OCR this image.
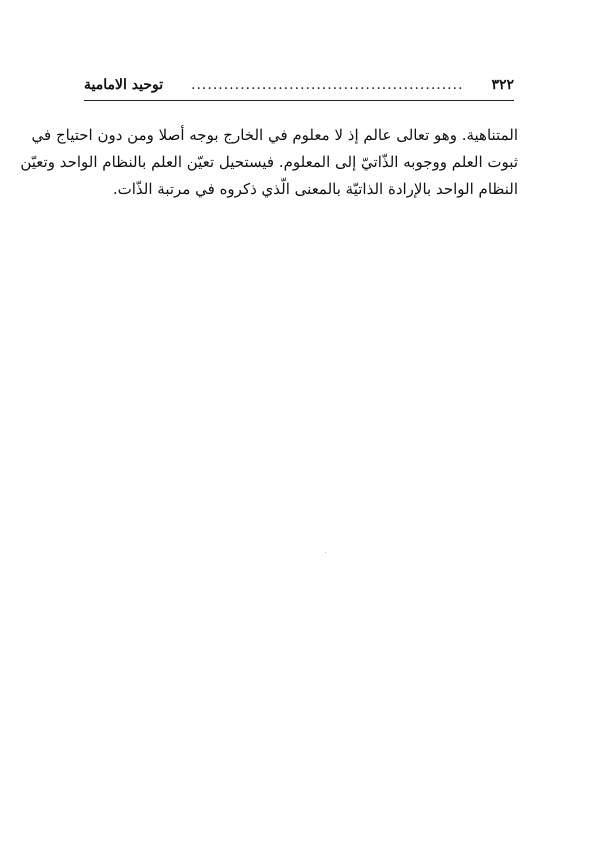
٣٢٢
..................................................
توحيد الامامية
المتناهية. وهو تعالى عالم إذ لا معلوم في الخارج بوجه أصلا ومن دون احتياج في
ثبوت العلم ووجوبه الذّاتيّ إلى المعلوم. فيستحيل تعيّن العلم بالنظام الواحد وتعيّن
النظام الواحد بالإرادة الذاتيّة بالمعنى الّذي ذكروه في مرتبة الذّات.
